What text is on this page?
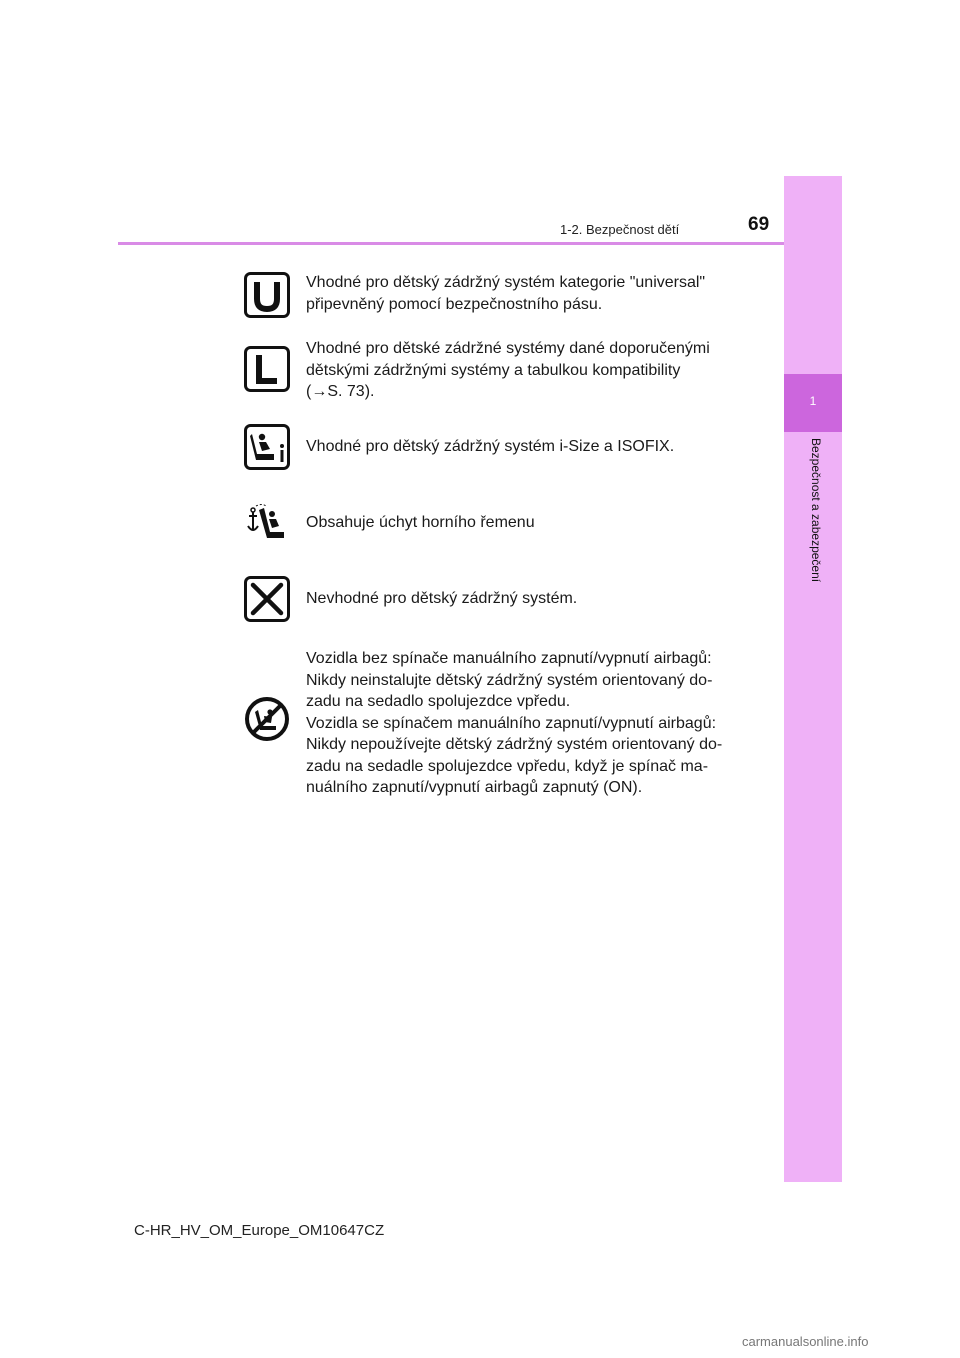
1-2. Bezpečnost dětí	69
1
Bezpečnost a zabezpečení
Vhodné pro dětský zádržný systém kategorie "universal"
připevněný pomocí bezpečnostního pásu.
Vhodné pro dětské zádržné systémy dané doporučenými
dětskými zádržnými systémy a tabulkou kompatibility
(→S. 73).
Vhodné pro dětský zádržný systém i-Size a ISOFIX.
Obsahuje úchyt horního řemenu
Nevhodné pro dětský zádržný systém.
Vozidla bez spínače manuálního zapnutí/vypnutí airbagů:
Nikdy neinstalujte dětský zádržný systém orientovaný do-
zadu na sedadlo spolujezdce vpředu.
Vozidla se spínačem manuálního zapnutí/vypnutí airbagů:
Nikdy nepoužívejte dětský zádržný systém orientovaný do-
zadu na sedadle spolujezdce vpředu, když je spínač ma-
nuálního zapnutí/vypnutí airbagů zapnutý (ON).
C-HR_HV_OM_Europe_OM10647CZ
carmanualsonline.info
